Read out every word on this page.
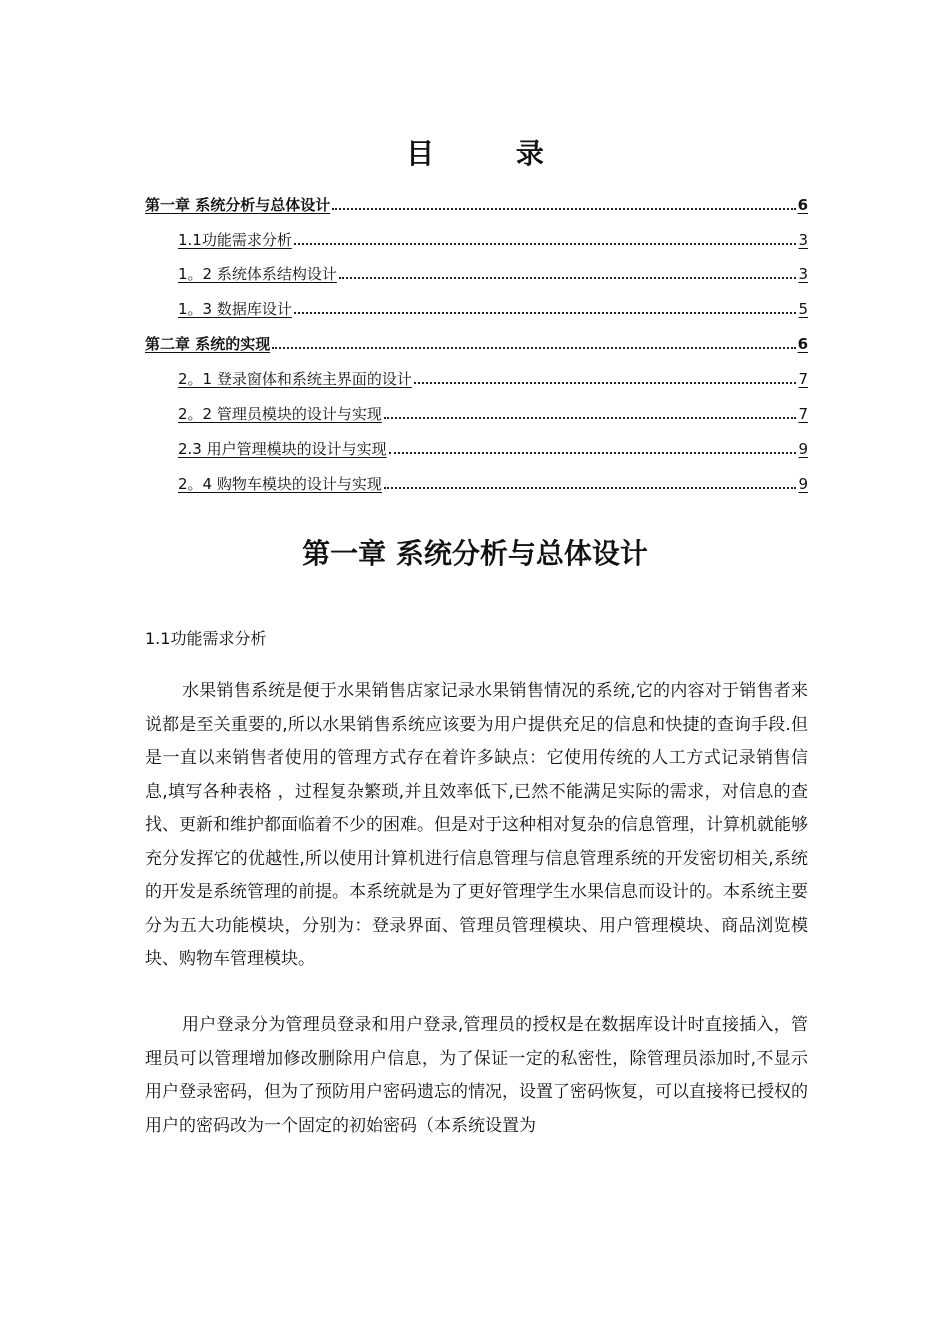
目 录
第一章 系统分析与总体设计	6
1.1功能需求分析	3
1。2 系统体系结构设计	3
1。3 数据库设计	5
第二章 系统的实现	6
2。1 登录窗体和系统主界面的设计	7
2。2 管理员模块的设计与实现	7
2.3 用户管理模块的设计与实现	9
2。4 购物车模块的设计与实现	9
第一章 系统分析与总体设计
1.1功能需求分析

水果销售系统是便于水果销售店家记录水果销售情况的系统,它的内容对于销售者来说都是至关重要的,所以水果销售系统应该要为用户提供充足的信息和快捷的查询手段.但是一直以来销售者使用的管理方式存在着许多缺点：它使用传统的人工方式记录销售信息,填写各种表格 ，过程复杂繁琐,并且效率低下,已然不能满足实际的需求，对信息的查找、更新和维护都面临着不少的困难。但是对于这种相对复杂的信息管理，计算机就能够充分发挥它的优越性,所以使用计算机进行信息管理与信息管理系统的开发密切相关,系统的开发是系统管理的前提。本系统就是为了更好管理学生水果信息而设计的。本系统主要分为五大功能模块，分别为：登录界面、管理员管理模块、用户管理模块、商品浏览模块、购物车管理模块。

用户登录分为管理员登录和用户登录,管理员的授权是在数据库设计时直接插入，管理员可以管理增加修改删除用户信息，为了保证一定的私密性，除管理员添加时,不显示用户登录密码，但为了预防用户密码遗忘的情况，设置了密码恢复，可以直接将已授权的用户的密码改为一个固定的初始密码（本系统设置为
